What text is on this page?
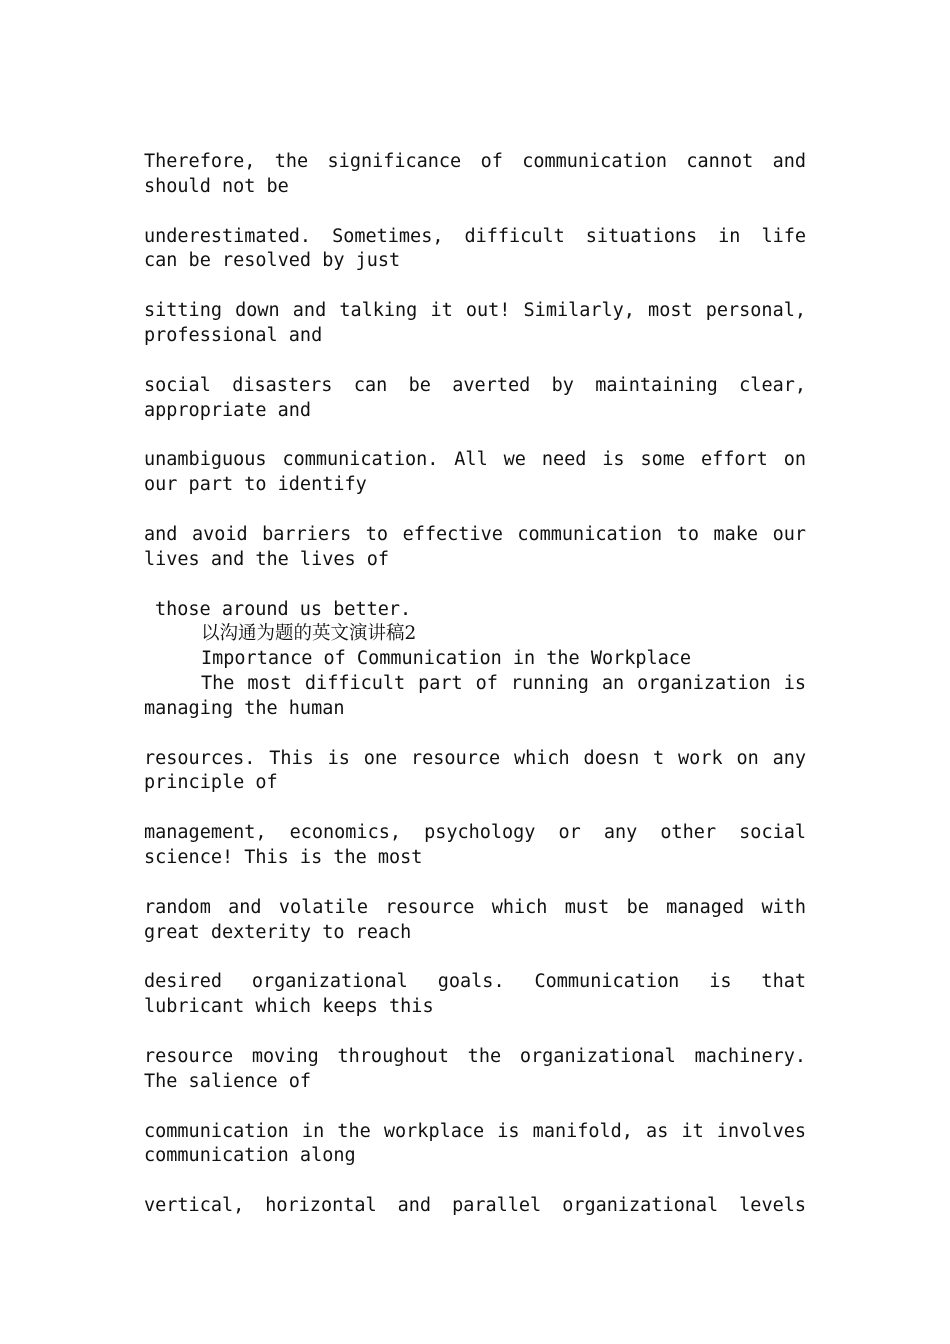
Therefore, the significance of communication cannot and
should not be
underestimated. Sometimes, difficult situations in life
can be resolved by just
sitting down and talking it out! Similarly, most personal,
professional and
social disasters can be averted by maintaining clear,
appropriate and
unambiguous communication. All we need is some effort on
our part to identify
and avoid barriers to effective communication to make our
lives and the lives of
those around us better.
以沟通为题的英文演讲稿2
Importance of Communication in the Workplace
The most difficult part of running an organization is
managing the human
resources. This is one resource which doesn t work on any
principle of
management, economics, psychology or any other social
science! This is the most
random and volatile resource which must be managed with
great dexterity to reach
desired organizational goals. Communication is that
lubricant which keeps this
resource moving throughout the organizational machinery.
The salience of
communication in the workplace is manifold, as it involves
communication along
vertical, horizontal and parallel organizational levels
